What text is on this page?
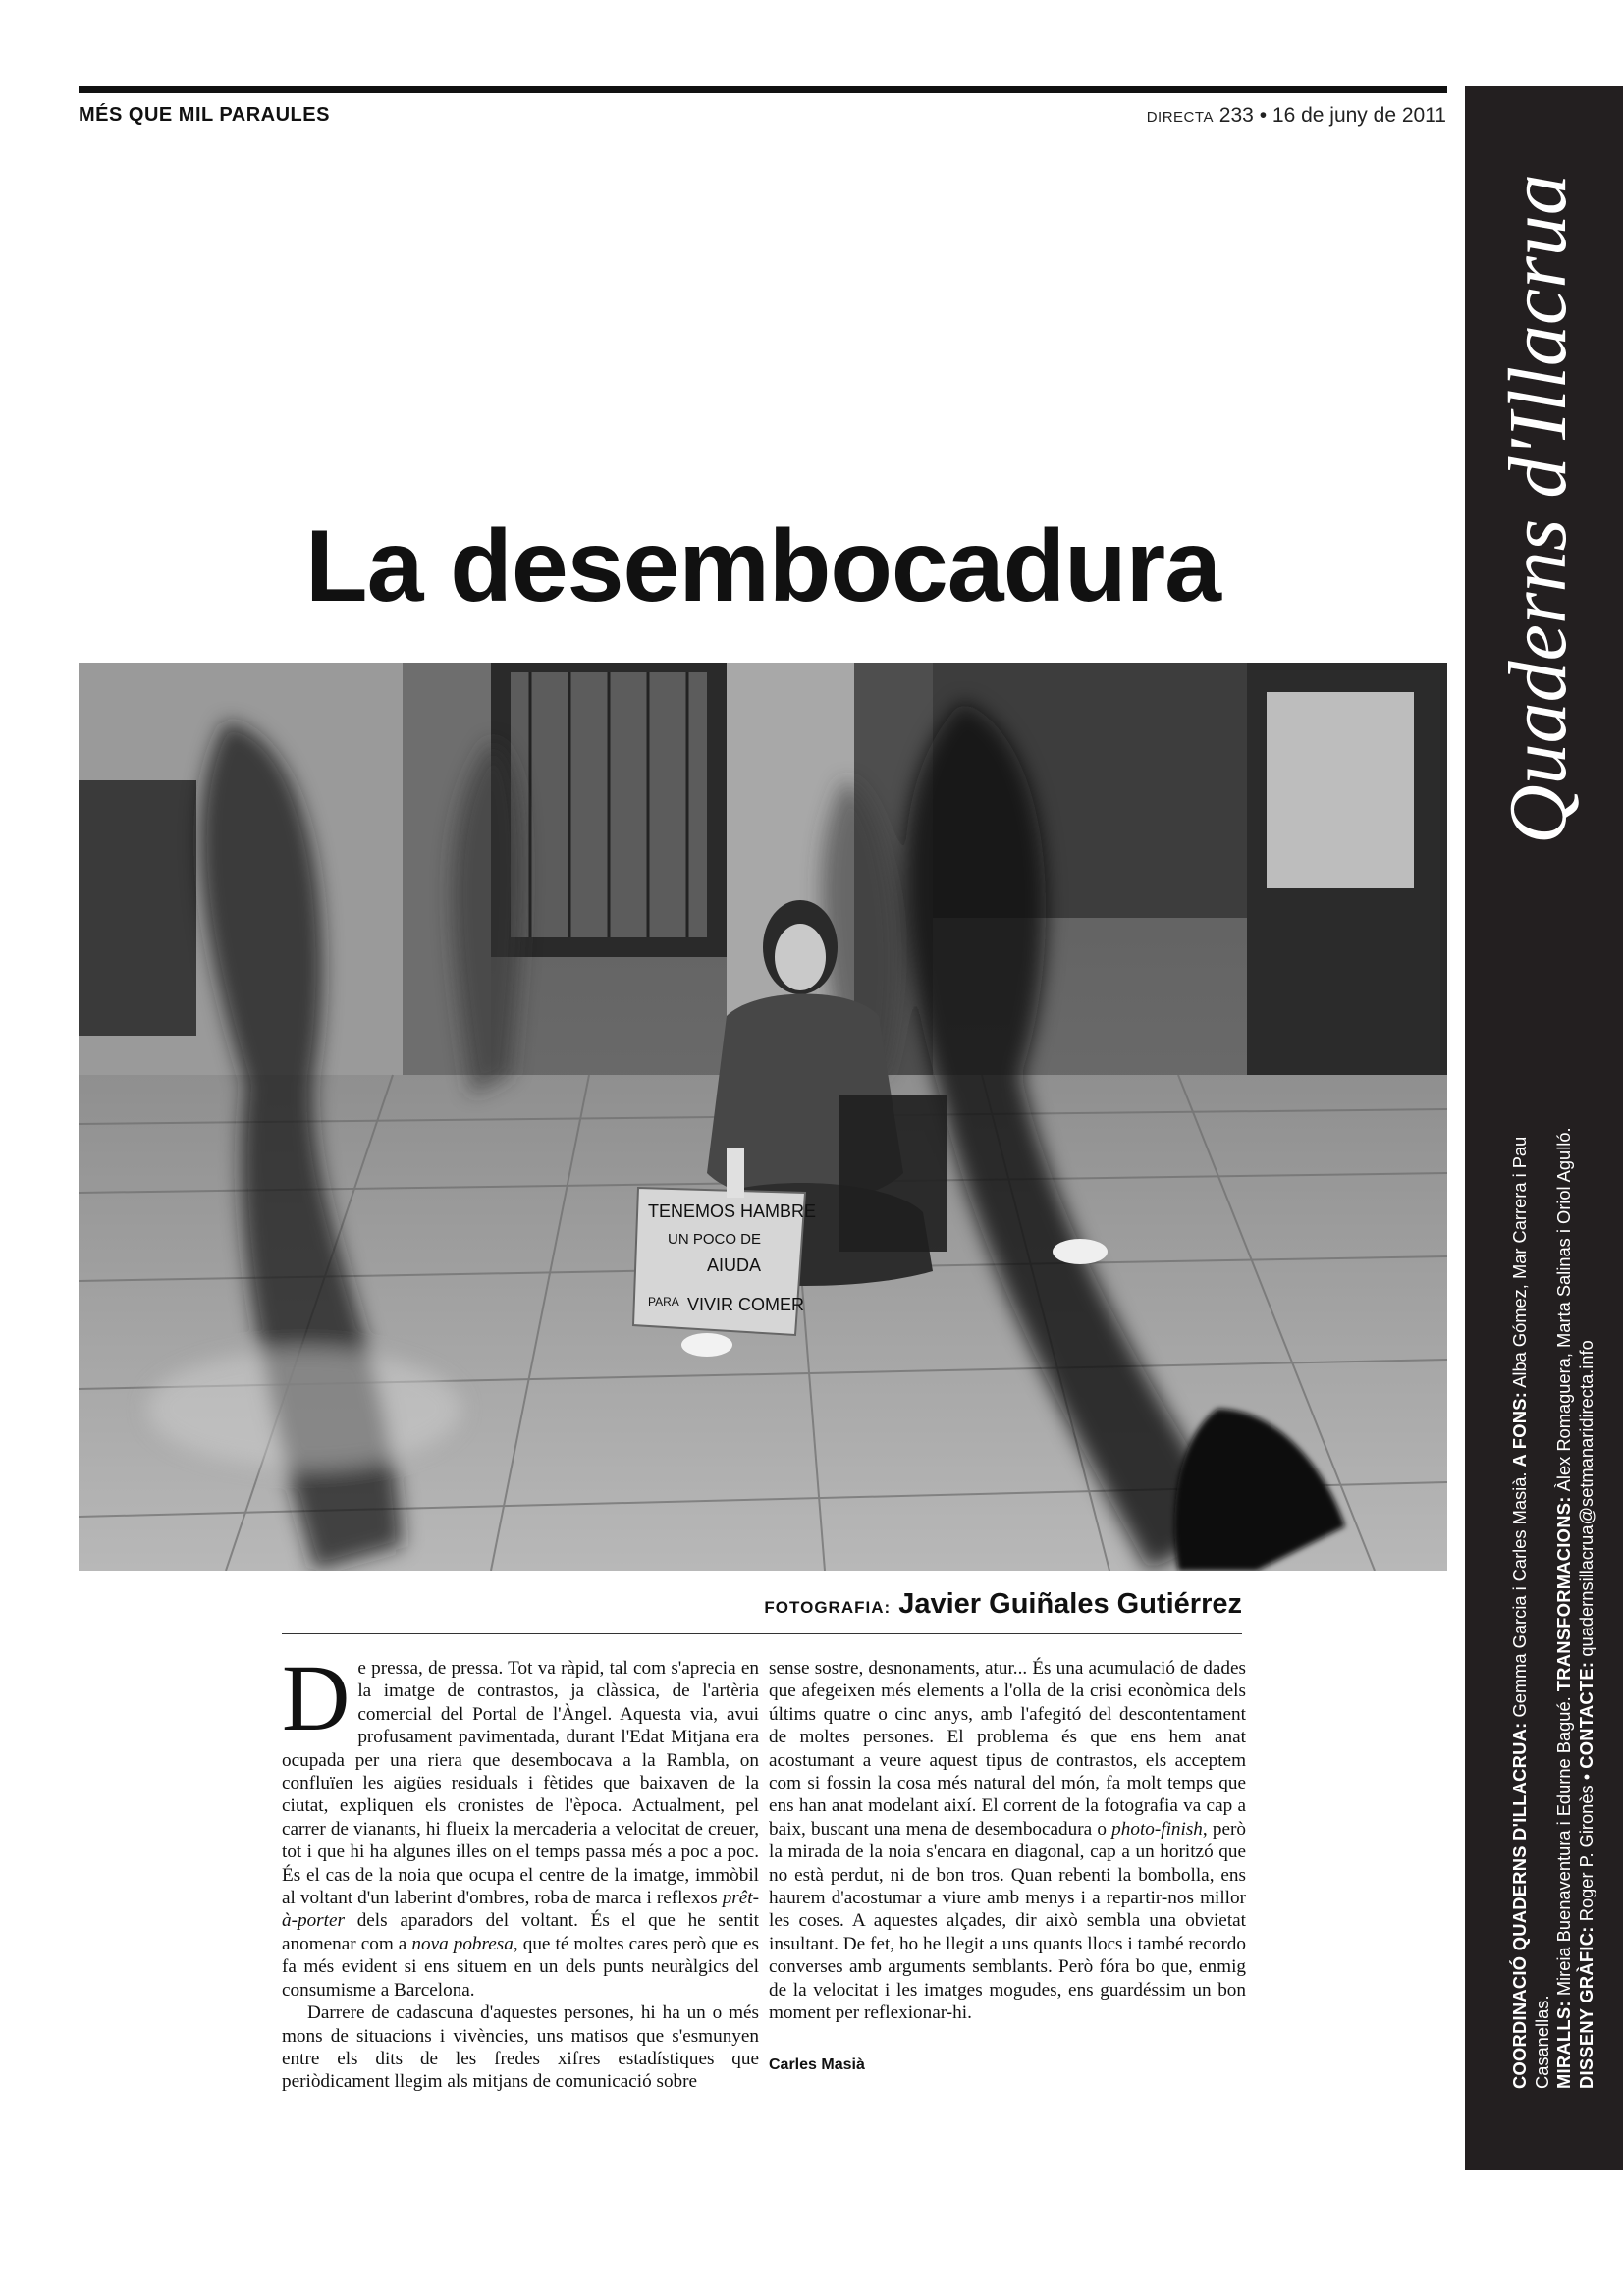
MÉS QUE MIL PARAULES	DIRECTA 233 • 16 de juny de 2011
La desembocadura
TENEMOS HAMBRE
UN POCO DE
AIUDA
PARA VIVIR COMER
FOTOGRAFIA: Javier Guiñales Gutiérrez

De pressa, de pressa. Tot va ràpid, tal com s'aprecia en la imatge de contrastos, ja clàssica, de l'artèria comercial del Portal de l'Àngel. Aquesta via, avui profusament pavimentada, durant l'Edat Mitjana era ocupada per una riera que desembocava a la Rambla, on confluïen les aigües residuals i fètides que baixaven de la ciutat, expliquen els cronistes de l'època. Actualment, pel carrer de vianants, hi flueix la mercaderia a velocitat de creuer, tot i que hi ha algunes illes on el temps passa més a poc a poc. És el cas de la noia que ocupa el centre de la imatge, immòbil al voltant d'un laberint d'ombres, roba de marca i reflexos prêt-à-porter dels aparadors del voltant. És el que he sentit anomenar com a nova pobresa, que té moltes cares però que es fa més evident si ens situem en un dels punts neuràlgics del consumisme a Barcelona.

Darrere de cadascuna d'aquestes persones, hi ha un o més mons de situacions i vivències, uns matisos que s'esmunyen entre els dits de les fredes xifres estadístiques que periòdicament llegim als mitjans de comunicació sobre

sense sostre, desnonaments, atur... És una acumulació de dades que afegeixen més elements a l'olla de la crisi econòmica dels últims quatre o cinc anys, amb l'afegitó del descontentament de moltes persones. El problema és que ens hem anat acostumant a veure aquest tipus de contrastos, els acceptem com si fossin la cosa més natural del món, fa molt temps que ens han anat modelant així. El corrent de la fotografia va cap a baix, buscant una mena de desembocadura o photo-finish, però la mirada de la noia s'encara en diagonal, cap a un horitzó que no està perdut, ni de bon tros. Quan rebenti la bombolla, ens haurem d'acostumar a viure amb menys i a repartir-nos millor les coses. A aquestes alçades, dir això sembla una obvietat insultant. De fet, ho he llegit a uns quants llocs i també recordo converses amb arguments semblants. Però fóra bo que, enmig de la velocitat i les imatges mogudes, ens guardéssim un bon moment per reflexionar-hi.

Carles Masià
Quaderns d'Illacrua
COORDINACIÓ QUADERNS D'ILLACRUA: Gemma Garcia i Carles Masià. A FONS: Alba Gómez, Mar Carrera i Pau Casanellas. MIRALLS: Mireia Buenaventura i Edurne Bagué. TRANSFORMACIONS: Àlex Romaguera, Marta Salinas i Oriol Agulló.
DISSENY GRÀFIC: Roger P. Gironès • CONTACTE: quadernsillacrua@setmanaridirecta.info
